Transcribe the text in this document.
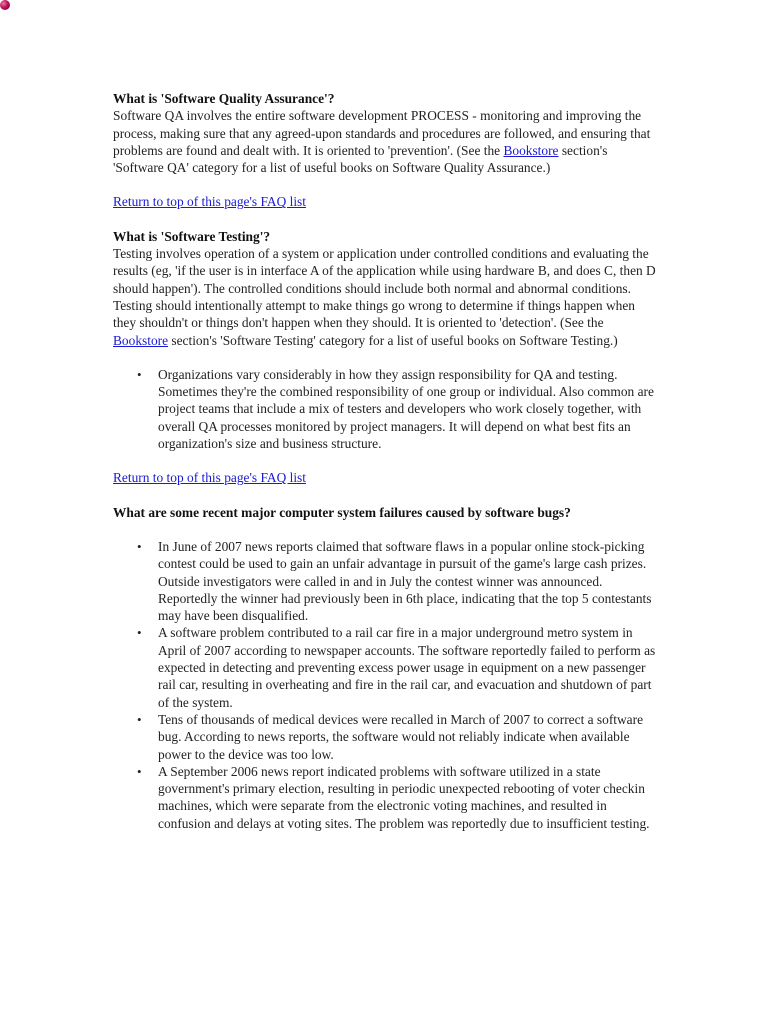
What is 'Software Quality Assurance'?

Software QA involves the entire software development PROCESS - monitoring and improving the process, making sure that any agreed-upon standards and procedures are followed, and ensuring that problems are found and dealt with. It is oriented to 'prevention'. (See the Bookstore section's 'Software QA' category for a list of useful books on Software Quality Assurance.)

Return to top of this page's FAQ list

What is 'Software Testing'?

Testing involves operation of a system or application under controlled conditions and evaluating the results (eg, 'if the user is in interface A of the application while using hardware B, and does C, then D should happen'). The controlled conditions should include both normal and abnormal conditions. Testing should intentionally attempt to make things go wrong to determine if things happen when they shouldn't or things don't happen when they should. It is oriented to 'detection'. (See the Bookstore section's 'Software Testing' category for a list of useful books on Software Testing.)

• Organizations vary considerably in how they assign responsibility for QA and testing. Sometimes they're the combined responsibility of one group or individual. Also common are project teams that include a mix of testers and developers who work closely together, with overall QA processes monitored by project managers. It will depend on what best fits an organization's size and business structure.
Return to top of this page's FAQ list

What are some recent major computer system failures caused by software bugs?

• In June of 2007 news reports claimed that software flaws in a popular online stock-picking contest could be used to gain an unfair advantage in pursuit of the game's large cash prizes. Outside investigators were called in and in July the contest winner was announced. Reportedly the winner had previously been in 6th place, indicating that the top 5 contestants may have been disqualified.
• A software problem contributed to a rail car fire in a major underground metro system in April of 2007 according to newspaper accounts. The software reportedly failed to perform as expected in detecting and preventing excess power usage in equipment on a new passenger rail car, resulting in overheating and fire in the rail car, and evacuation and shutdown of part of the system.
• Tens of thousands of medical devices were recalled in March of 2007 to correct a software bug. According to news reports, the software would not reliably indicate when available power to the device was too low.
• A September 2006 news report indicated problems with software utilized in a state government's primary election, resulting in periodic unexpected rebooting of voter checkin machines, which were separate from the electronic voting machines, and resulted in confusion and delays at voting sites. The problem was reportedly due to insufficient testing.
